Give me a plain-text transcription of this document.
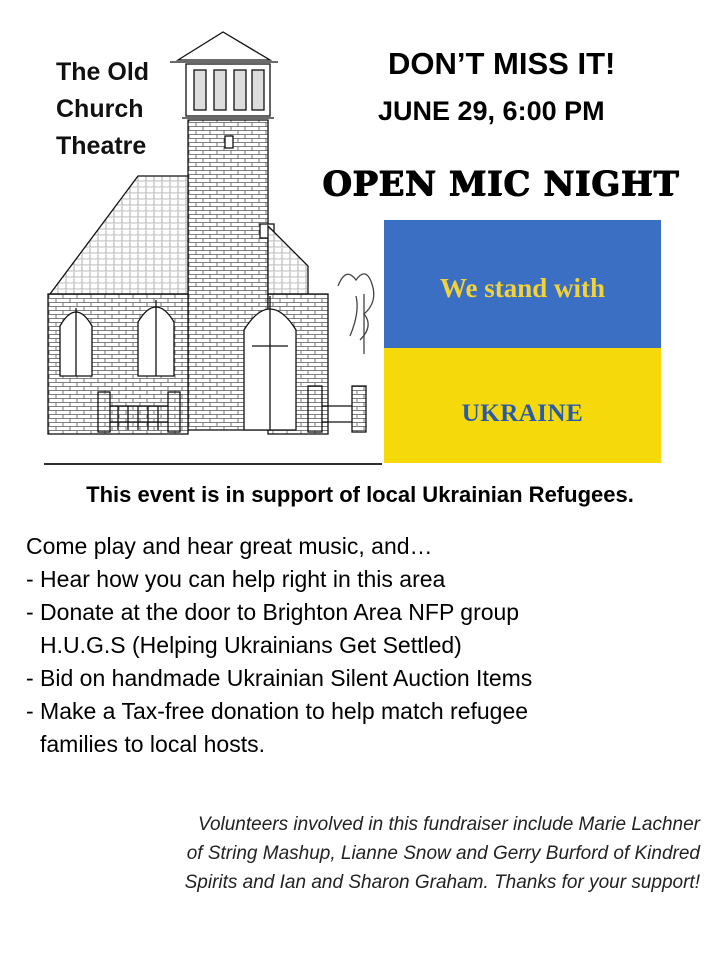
The Old
Church
Theatre
DON’T MISS IT!
JUNE 29, 6:00 PM
OPEN MIC NIGHT
We stand with
UKRAINE
This event is in support of local Ukrainian Refugees.
Come play and hear great music, and…
- Hear how you can help right in this area
- Donate at the door to Brighton Area NFP group
H.U.G.S (Helping Ukrainians Get Settled)
- Bid on handmade Ukrainian Silent Auction Items
- Make a Tax-free donation to help match refugee
families to local hosts.
Volunteers involved in this fundraiser include Marie Lachner
of String Mashup, Lianne Snow and Gerry Burford of Kindred
Spirits and Ian and Sharon Graham. Thanks for your support!
